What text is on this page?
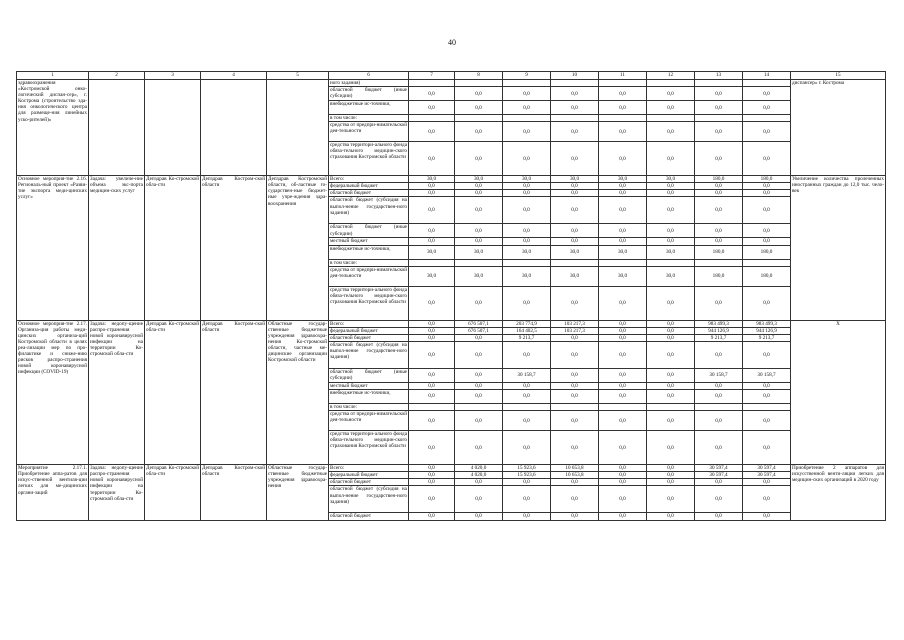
40
1	2	3	4	5	6	7	8	9	10	11	12	13	14	15
здравоохранения «Костромской онко-логический диспан-сер», г. Кострома (строительство зда-ния онкологического центра для размеще-ния линейных уско-рителей)»					ного задания)									диспансер» г. Кострома
					областной бюджет (иные субсидии)	0,0	0,0	0,0	0,0	0,0	0,0	0,0	0,0	
					внебюджетные ис-точники,	0,0	0,0	0,0	0,0	0,0	0,0	0,0	0,0	
					в том числе:									
					средства от предпри-нимательской дея-тельности	0,0	0,0	0,0	0,0	0,0	0,0	0,0	0,0	
					средства территори-ального фонда обяза-тельного медицин-ского страхования Костромской области	0,0	0,0	0,0	0,0	0,0	0,0	0,0	0,0	
Основное мероприя-тие 2.16. Региональ-ный проект «Разви-тие экспорта меди-цинских услуг»	Задача: увеличе-ние объема экс-порта медицин-ских услуг	Депздрав Ко-стромской обла-сти	Депздрав Костром-ской области	Депздрав Костромской области, об-ластные го-сударствен-ные бюджет-ные учре-ждения здра-воохранения	Всего:	30,0	30,0	30,0	30,0	30,0	30,0	180,0	180,0	Увеличение количества пролеченных иностранных граждан до 12,0 тыс. чело-век
					федеральный бюджет	0,0	0,0	0,0	0,0	0,0	0,0	0,0	0,0	
					областной бюджет	0,0	0,0	0,0	0,0	0,0	0,0	0,0	0,0	
					областной бюджет (субсидия на выпол-нение государствен-ного задания)	0,0	0,0	0,0	0,0	0,0	0,0	0,0	0,0	
					областной бюджет (иные субсидии)	0,0	0,0	0,0	0,0	0,0	0,0	0,0	0,0	
					местный бюджет	0,0	0,0	0,0	0,0	0,0	0,0	0,0	0,0	
					внебюджетные ис-точники,	30,0	30,0	30,0	30,0	30,0	30,0	180,0	180,0	
					в том числе:									
					средства от предпри-нимательской дея-тельности	30,0	30,0	30,0	30,0	30,0	30,0	180,0	180,0	
					средства территори-ального фонда обяза-тельного медицин-ского страхования Костромской области	0,0	0,0	0,0	0,0	0,0	0,0	0,0	0,0	
Основное мероприя-тие 2.17. Организа-ция работы меди-цинских организа-ций Костромской области в целях реа-лизации мер по про-филактике и сниже-нию рисков распро-странения новой коронавирусной инфекции (COVID-19)	Задача: недопу-щение распро-странения новой коронавирусной инфекции на территории Ко-стромской обла-сти	Депздрав Ко-стромской обла-сти	Депздрав Костром-ской области	Областные государ-ственные бюджетные учреждения здравоохра-нения Ко-стромской области, частные ме-дицинские организации Костромской области	Всего:	0,0	676 507,1	203 774,9	103 217,3	0,0	0,0	983 499,3	983 499,3	X
					федеральный бюджет	0,0	676 507,1	164 402,5	103 217,3	0,0	0,0	944 126,9	944 126,9	
					областной бюджет	0,0	0,0	9 213,7	0,0	0,0	0,0	9 213,7	9 213,7	
					областной бюджет (субсидия на выпол-нение государствен-ного задания)	0,0	0,0	0,0	0,0	0,0	0,0	0,0	0,0	
					областной бюджет (иные субсидии)	0,0	0,0	30 158,7	0,0	0,0	0,0	30 158,7	30 158,7	
					местный бюджет	0,0	0,0	0,0	0,0	0,0	0,0	0,0	0,0	
					внебюджетные ис-точники,	0,0	0,0	0,0	0,0	0,0	0,0	0,0	0,0	
					в том числе:									
					средства от предпри-нимательской дея-тельности	0,0	0,0	0,0	0,0	0,0	0,0	0,0	0,0	
					средства территори-ального фонда обяза-тельного медицин-ского страхования Костромской области	0,0	0,0	0,0	0,0	0,0	0,0	0,0	0,0	
Мероприятие 2.17.1. Приобретение аппа-ратов для искус-ственной вентиля-ции легких для ме-дицинских органи-заций	Задача: недопу-щение распро-странения новой коронавирусной инфекции на территории Ко-стромской обла-сти	Депздрав Ко-стромской обла-сти	Депздрав Костром-ской области	Областные государ-ственные бюджетные учреждения здравоохра-нения	Всего:	0,0	4 020,0	15 923,6	10 653,8	0,0	0,0	30 597,4	30 597,4	Приобретение 2 аппаратов для искусственной венти-ляции легких для медицин-ских организаций в 2020 году
					федеральный бюджет	0,0	4 020,0	15 923,6	10 653,8	0,0	0,0	30 597,4	30 597,4	
					областной бюджет	0,0	0,0	0,0	0,0	0,0	0,0	0,0	0,0	
					областной бюджет (субсидия на выпол-нение государствен-ного задания)	0,0	0,0	0,0	0,0	0,0	0,0	0,0	0,0	
					областной бюджет	0,0	0,0	0,0	0,0	0,0	0,0	0,0	0,0	
